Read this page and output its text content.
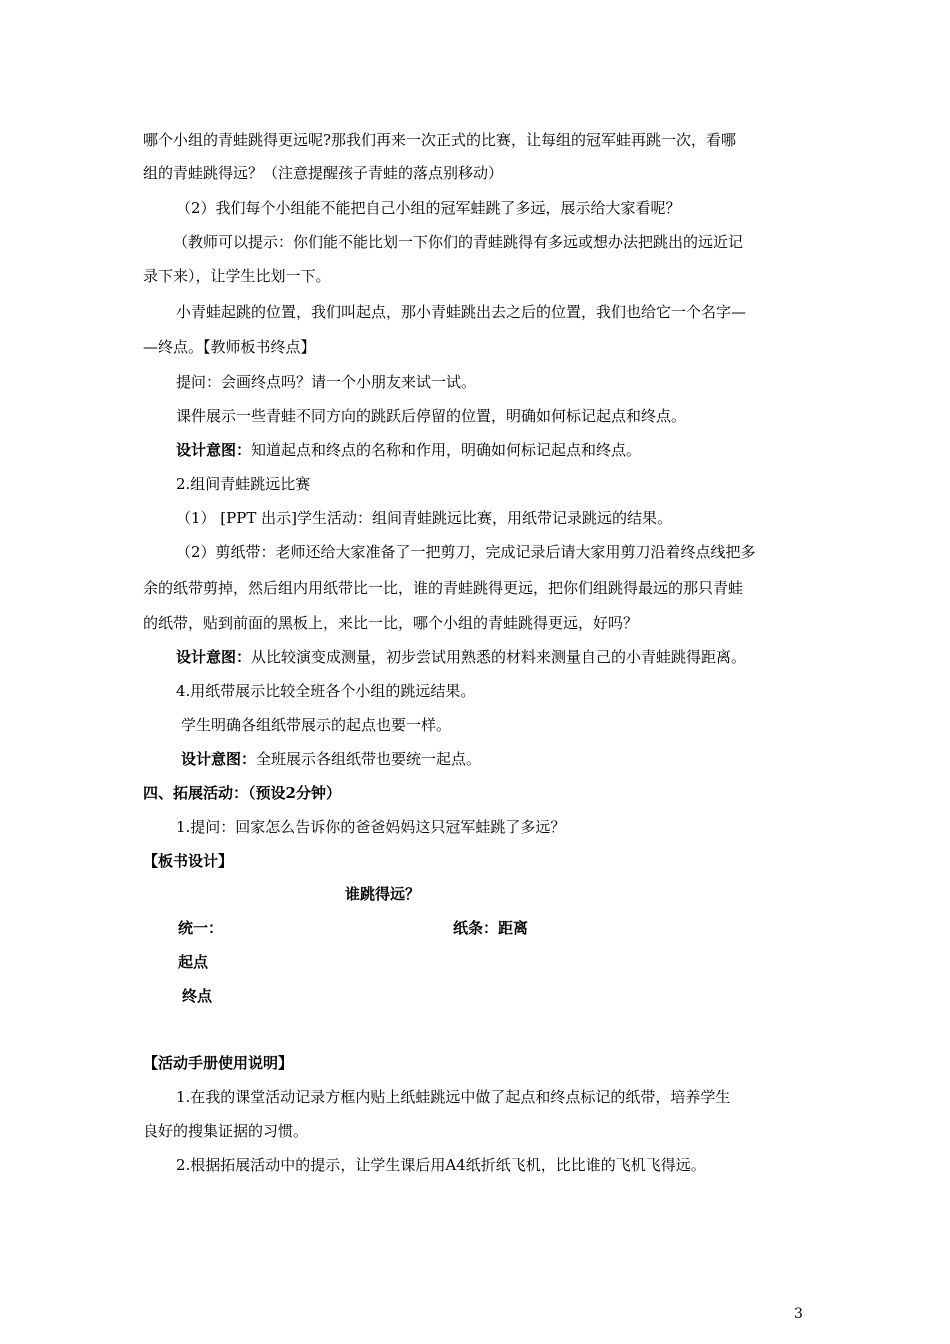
哪个小组的青蛙跳得更远呢?那我们再来一次正式的比赛，让每组的冠军蛙再跳一次，看哪

组的青蛙跳得远？（注意提醒孩子青蛙的落点别移动）

（2）我们每个小组能不能把自己小组的冠军蛙跳了多远，展示给大家看呢？

（教师可以提示：你们能不能比划一下你们的青蛙跳得有多远或想办法把跳出的远近记

录下来），让学生比划一下。

小青蛙起跳的位置，我们叫起点，那小青蛙跳出去之后的位置，我们也给它一个名字—

—终点。【教师板书终点】

提问：会画终点吗？请一个小朋友来试一试。

课件展示一些青蛙不同方向的跳跃后停留的位置，明确如何标记起点和终点。

设计意图：知道起点和终点的名称和作用，明确如何标记起点和终点。

2.组间青蛙跳远比赛

（1） [PPT 出示]学生活动：组间青蛙跳远比赛，用纸带记录跳远的结果。

（2）剪纸带：老师还给大家准备了一把剪刀，完成记录后请大家用剪刀沿着终点线把多

余的纸带剪掉，然后组内用纸带比一比，谁的青蛙跳得更远，把你们组跳得最远的那只青蛙

的纸带，贴到前面的黑板上，来比一比，哪个小组的青蛙跳得更远，好吗？

设计意图：从比较演变成测量，初步尝试用熟悉的材料来测量自己的小青蛙跳得距离。

4.用纸带展示比较全班各个小组的跳远结果。

学生明确各组纸带展示的起点也要一样。

设计意图：全班展示各组纸带也要统一起点。

四、拓展活动：（预设2分钟）

1.提问：回家怎么告诉你的爸爸妈妈这只冠军蛙跳了多远？

【板书设计】

谁跳得远？

统一：	纸条：距离

起点

终点

【活动手册使用说明】

1.在我的课堂活动记录方框内贴上纸蛙跳远中做了起点和终点标记的纸带，培养学生

良好的搜集证据的习惯。

2.根据拓展活动中的提示，让学生课后用A4纸折纸飞机，比比谁的飞机飞得远。

3
